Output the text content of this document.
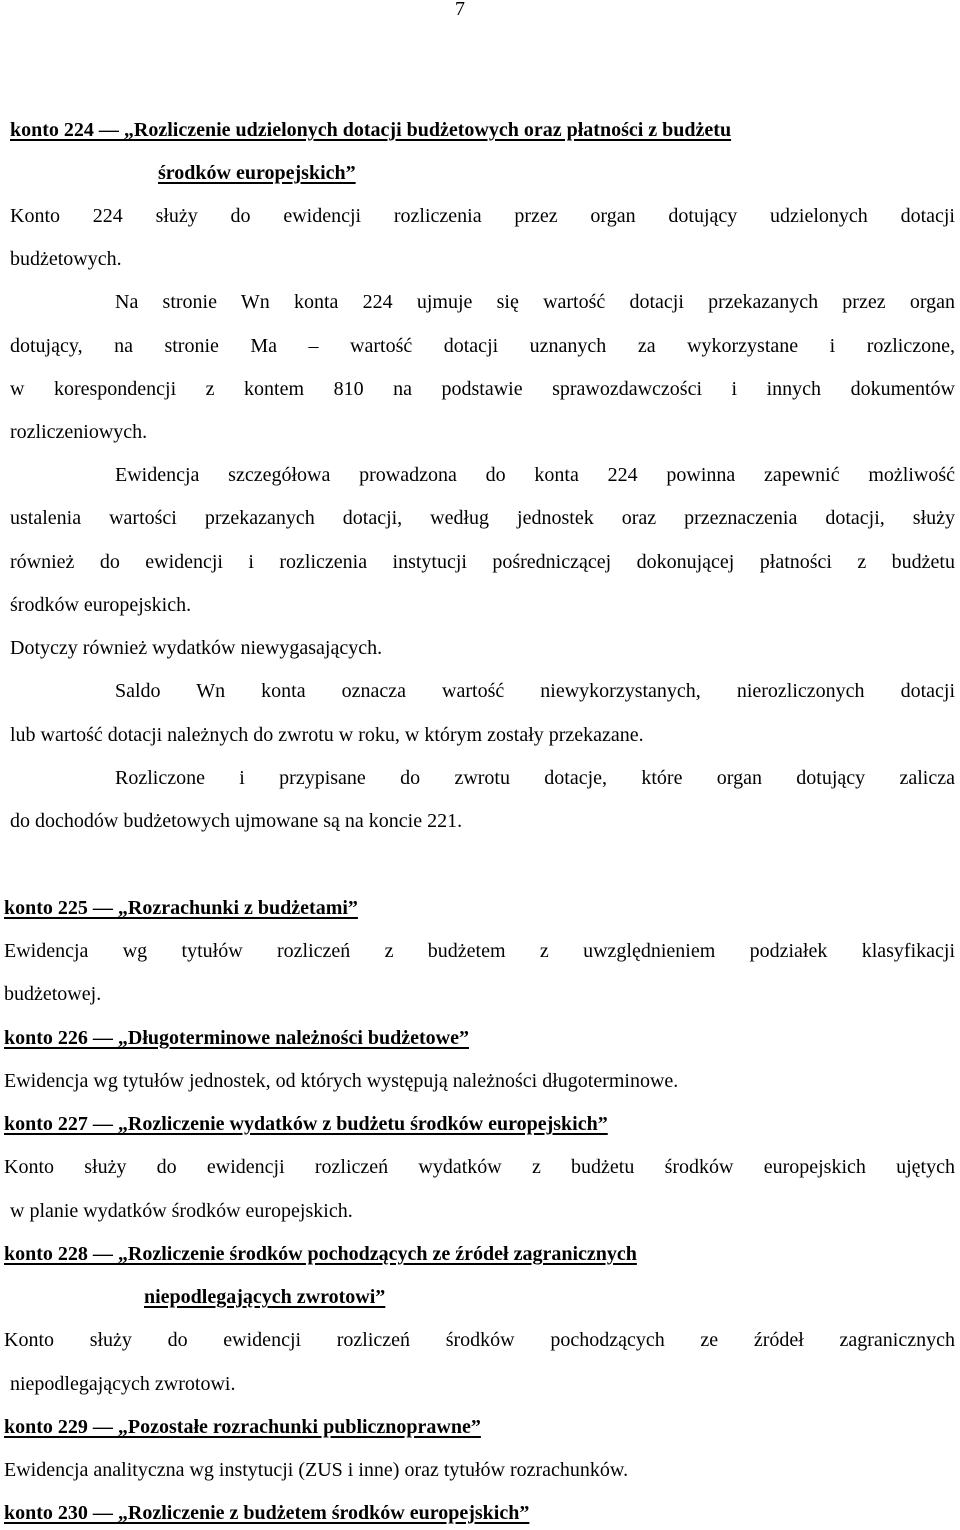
7
konto 224 — „Rozliczenie udzielonych dotacji budżetowych oraz płatności z budżetu
środków europejskich”
Konto 224 służy do ewidencji rozliczenia przez organ dotujący udzielonych dotacji
budżetowych.
Na stronie Wn konta 224 ujmuje się wartość dotacji przekazanych przez organ
dotujący, na stronie Ma – wartość dotacji uznanych za wykorzystane i rozliczone,
w korespondencji z kontem 810 na podstawie sprawozdawczości i innych dokumentów
rozliczeniowych.
Ewidencja szczegółowa prowadzona do konta 224 powinna zapewnić możliwość
ustalenia wartości przekazanych dotacji, według jednostek oraz przeznaczenia dotacji, służy
również do ewidencji i rozliczenia instytucji pośredniczącej dokonującej płatności z budżetu
środków europejskich.
Dotyczy również wydatków niewygasających.
Saldo Wn konta oznacza wartość niewykorzystanych, nierozliczonych dotacji
lub wartość dotacji należnych do zwrotu w roku, w którym zostały przekazane.
Rozliczone i przypisane do zwrotu dotacje, które organ dotujący zalicza
do dochodów budżetowych ujmowane są na koncie 221.
konto 225 — „Rozrachunki z budżetami”
Ewidencja wg tytułów rozliczeń z budżetem z uwzględnieniem podziałek klasyfikacji
budżetowej.
konto 226 — „Długoterminowe należności budżetowe”
Ewidencja wg tytułów jednostek, od których występują należności długoterminowe.
konto 227 — „Rozliczenie wydatków z budżetu środków europejskich”
Konto służy do ewidencji rozliczeń wydatków z budżetu środków europejskich ujętych
w planie wydatków środków europejskich.
konto 228 — „Rozliczenie środków pochodzących ze źródeł zagranicznych
niepodlegających zwrotowi”
Konto służy do ewidencji rozliczeń środków pochodzących ze źródeł zagranicznych
niepodlegających zwrotowi.
konto 229 — „Pozostałe rozrachunki publicznoprawne”
Ewidencja analityczna wg instytucji (ZUS i inne) oraz tytułów rozrachunków.
konto 230 — „Rozliczenie z budżetem środków europejskich”
